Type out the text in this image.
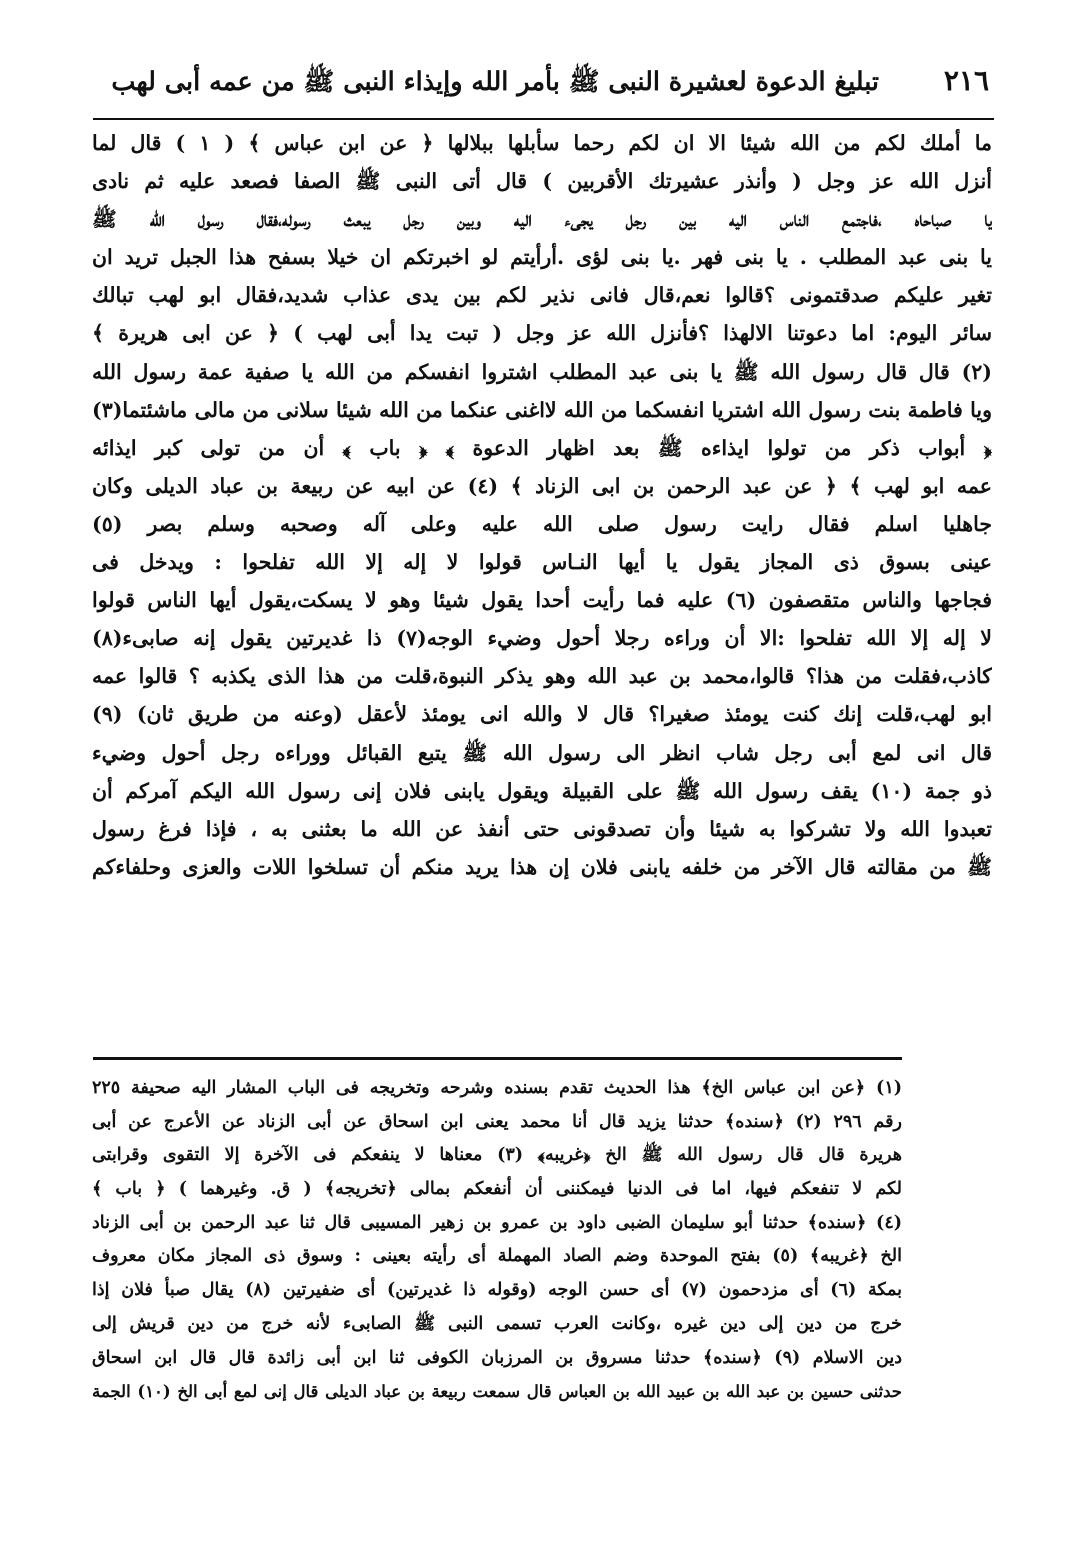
٢١٦
تبليغ الدعوة لعشيرة النبى ﷺ بأمر الله وإيذاء النبى ﷺ من عمه أبى لهب
ما أملك لكم من الله شيئا الا ان لكم رحما سأبلها ببلالها ﴿ عن ابن عباس ﴾ ( ١ ) قال لما
أنزل الله عز وجل ( وأنذر عشيرتك الأقربين ) قال أتى النبى ﷺ الصفا فصعد عليه ثم نادى
يا صباحاه ،فاجتمع الناس اليه بين رجل يجىء اليه وبين رجل يبعث رسوله،فقال رسول الله ﷺ
يا بنى عبد المطلب . يا بنى فهر .يا بنى لؤى .أرأيتم لو اخبرتكم ان خيلا بسفح هذا الجبل تريد ان
تغير عليكم صدقتمونى ؟قالوا نعم،قال فانى نذير لكم بين يدى عذاب شديد،فقال ابو لهب تبالك
سائر اليوم: اما دعوتنا الالهذا ؟فأنزل الله عز وجل ( تبت يدا أبى لهب ) ﴿ عن ابى هريرة ﴾
(٢) قال قال رسول الله ﷺ يا بنى عبد المطلب اشتروا انفسكم من الله يا صفية عمة رسول الله
ويا فاطمة بنت رسول الله اشتريا انفسكما من الله لااغنى عنكما من الله شيئا سلانى من مالى ماشئتما(٣)
﴿ أبواب ذكر من تولوا ايذاءه ﷺ بعد اظهار الدعوة ﴾ ﴿ باب ﴾ أن من تولى كبر ايذائه
عمه ابو لهب ﴾ ﴿ عن عبد الرحمن بن ابى الزناد ﴾ (٤) عن ابيه عن ربيعة بن عباد الديلى وكان
جاهليا اسلم فقال رايت رسول صلى الله عليه وعلى آله وصحبه وسلم بصر (٥)
عينى بسوق ذى المجاز يقول يا أيها النـاس قولوا لا إله إلا الله تفلحوا : ويدخل فى
فجاجها والناس متقصفون (٦) عليه فما رأيت أحدا يقول شيئا وهو لا يسكت،يقول أيها الناس قولوا
لا إله إلا الله تفلحوا :الا أن وراءه رجلا أحول وضيء الوجه(٧) ذا غديرتين يقول إنه صابىء(٨)
كاذب،فقلت من هذا؟ قالوا،محمد بن عبد الله وهو يذكر النبوة،قلت من هذا الذى يكذبه ؟ قالوا عمه
ابو لهب،قلت إنك كنت يومئذ صغيرا؟ قال لا والله انى يومئذ لأعقل (وعنه من طريق ثان) (٩)
قال انى لمع أبى رجل شاب انظر الى رسول الله ﷺ يتبع القبائل ووراءه رجل أحول وضيء
ذو جمة (١٠) يقف رسول الله ﷺ على القبيلة ويقول يابنى فلان إنى رسول الله اليكم آمركم أن
تعبدوا الله ولا تشركوا به شيئا وأن تصدقونى حتى أنفذ عن الله ما بعثنى به ، فإذا فرغ رسول
ﷺ من مقالته قال الآخر من خلفه يابنى فلان إن هذا يريد منكم أن تسلخوا اللات والعزى وحلفاءكم
(١) ﴿عن ابن عباس الخ﴾ هذا الحديث تقدم بسنده وشرحه وتخريجه فى الباب المشار اليه صحيفة ٢٢٥
رقم ٢٩٦ (٢) ﴿سنده﴾ حدثنا يزيد قال أنا محمد يعنى ابن اسحاق عن أبى الزناد عن الأعرج عن أبى
هريرة قال قال رسول الله ﷺ الخ ﴿غريبه﴾ (٣) معناها لا ينفعكم فى الآخرة إلا التقوى وقرابتى
لكم لا تنفعكم فيها، اما فى الدنيا فيمكننى أن أنفعكم بمالى ﴿تخريجه﴾ ( ق. وغيرهما ) ﴿ باب ﴾
(٤) ﴿سنده﴾ حدثنا أبو سليمان الضبى داود بن عمرو بن زهير المسيبى قال ثنا عبد الرحمن بن أبى الزناد
الخ ﴿غريبه﴾ (٥) بفتح الموحدة وضم الصاد المهملة أى رأيته بعينى : وسوق ذى المجاز مكان معروف
بمكة (٦) أى مزدحمون (٧) أى حسن الوجه (وقوله ذا غديرتين) أى ضفيرتين (٨) يقال صبأ فلان إذا
خرج من دين إلى دين غيره ،وكانت العرب تسمى النبى ﷺ الصابىء لأنه خرج من دين قريش إلى
دين الاسلام (٩) ﴿سنده﴾ حدثنا مسروق بن المرزبان الكوفى ثنا ابن أبى زائدة قال قال ابن اسحاق
حدثنى حسين بن عبد الله بن عبيد الله بن العباس قال سمعت ربيعة بن عباد الديلى قال إنى لمع أبى الخ (١٠) الجمة
